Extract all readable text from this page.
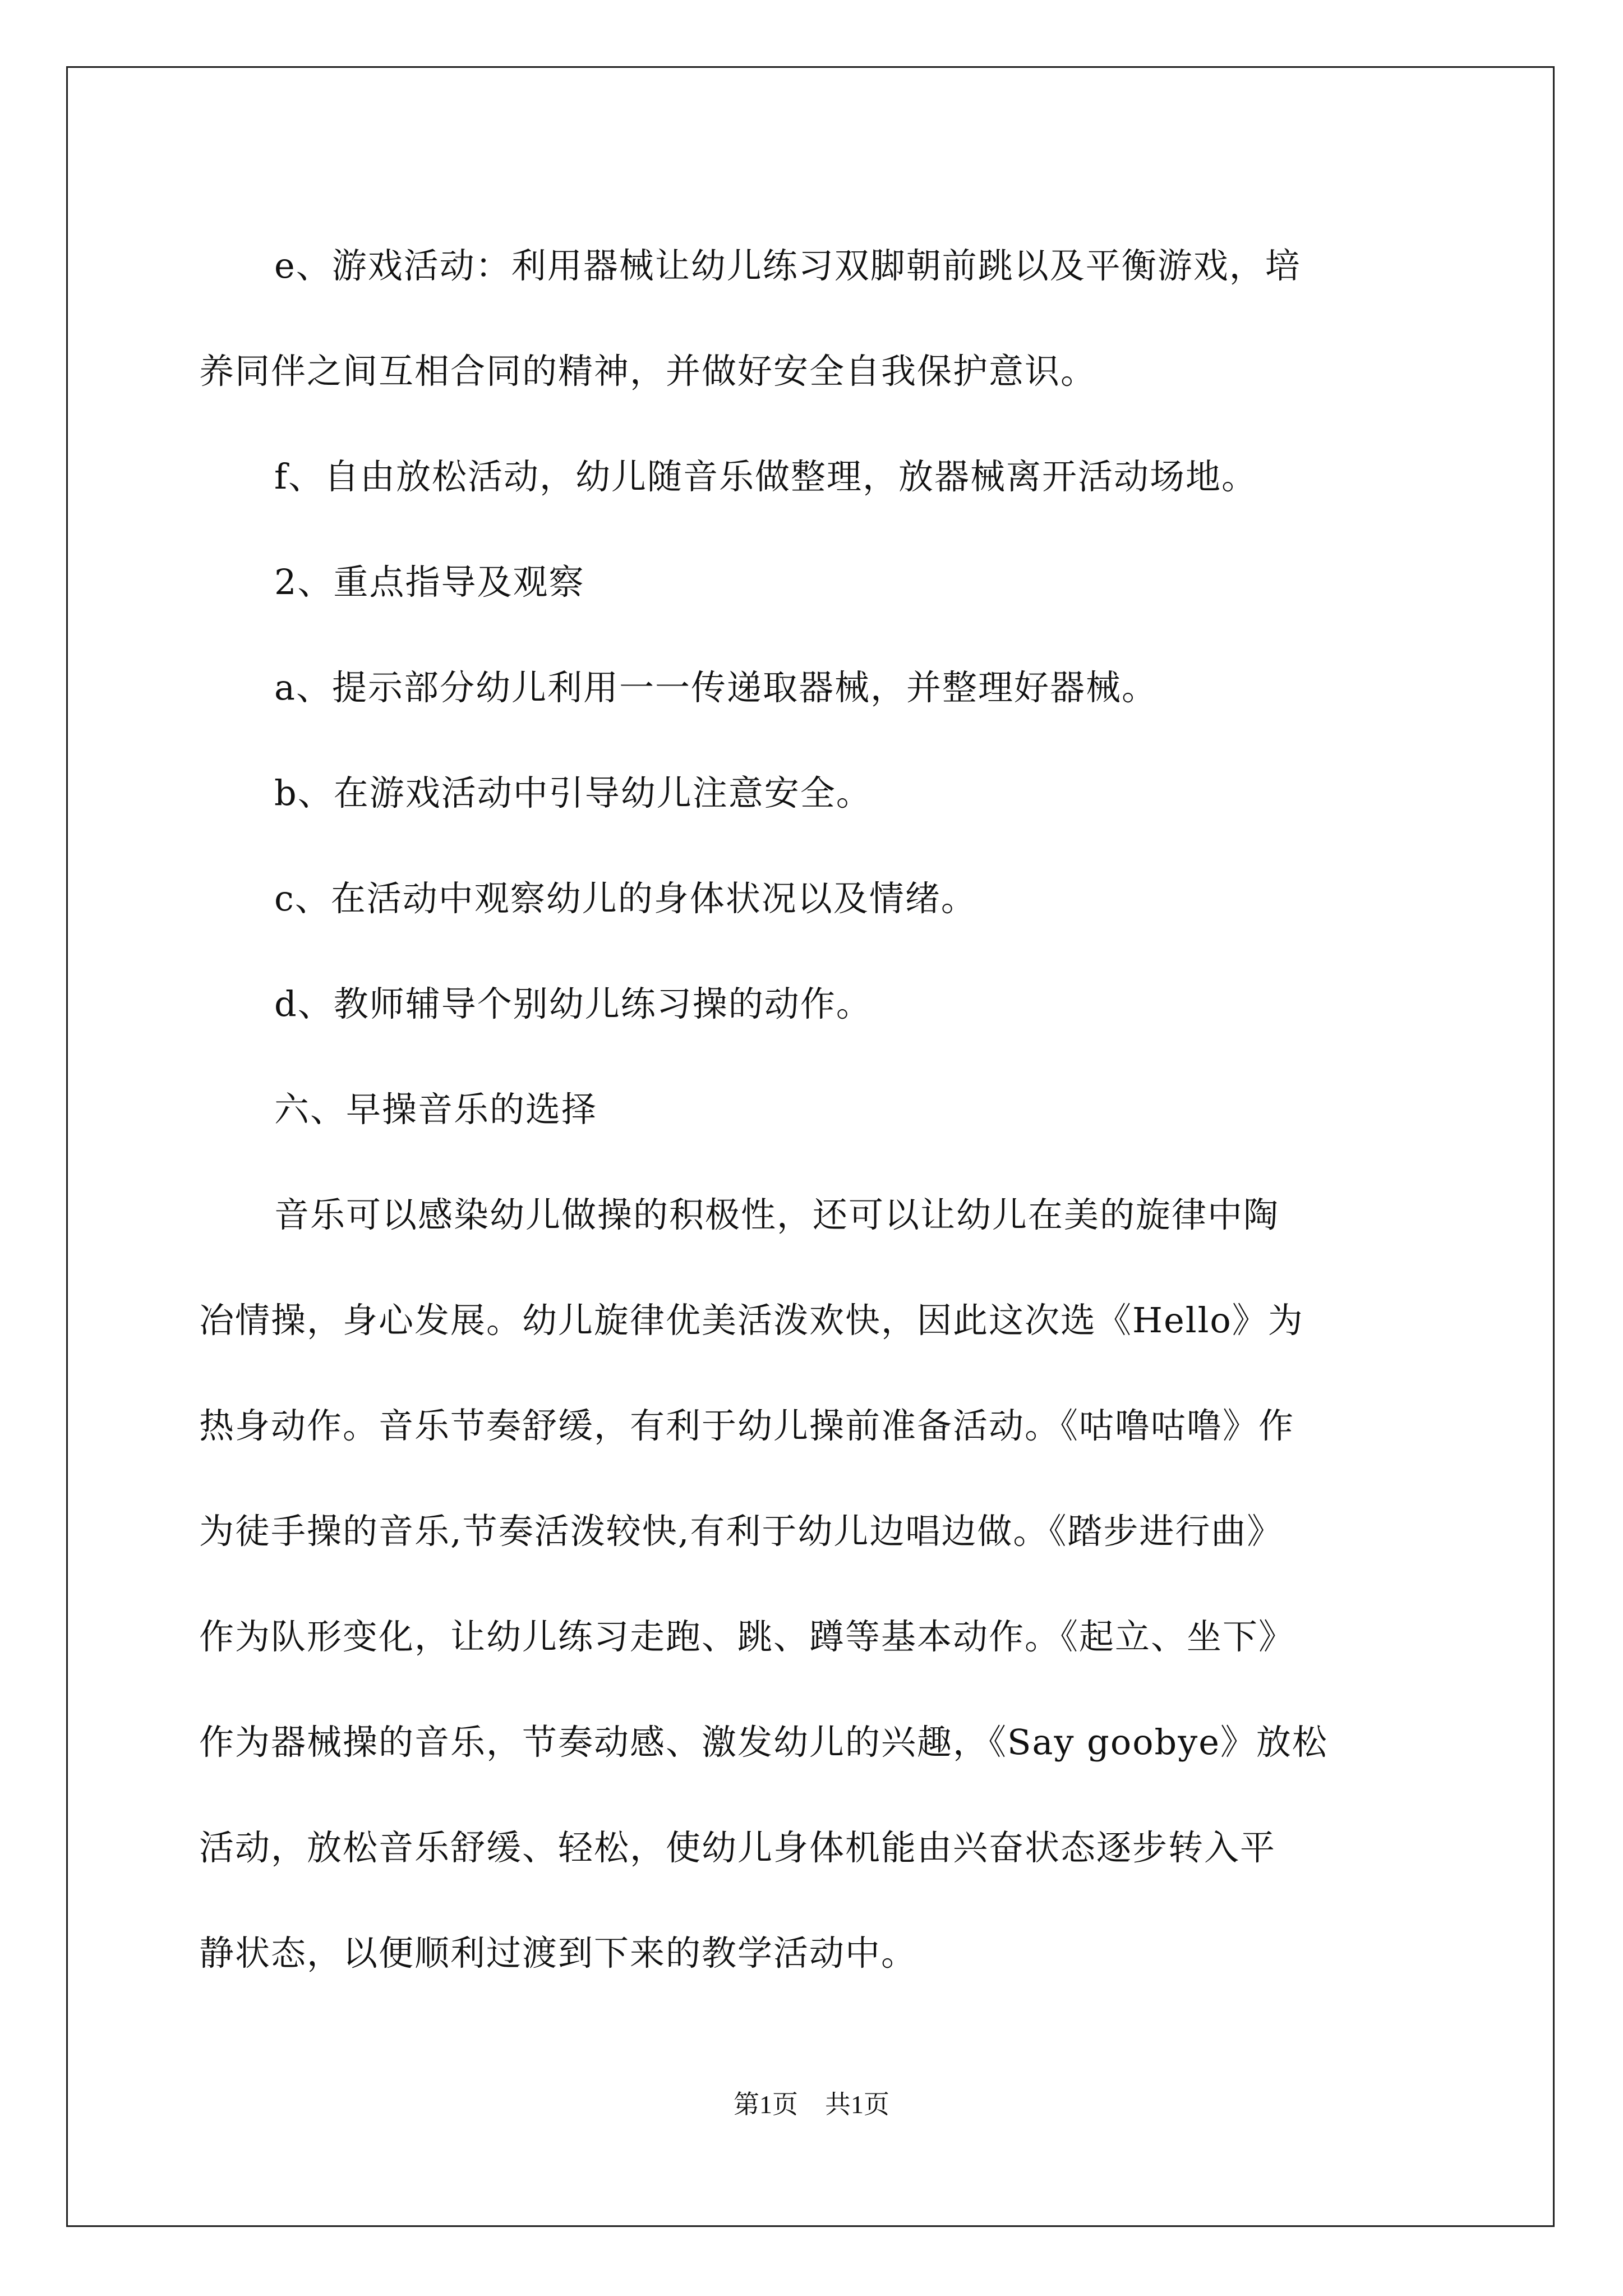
e、游戏活动：利用器械让幼儿练习双脚朝前跳以及平衡游戏，培
养同伴之间互相合同的精神，并做好安全自我保护意识。

f、自由放松活动，幼儿随音乐做整理，放器械离开活动场地。

2、重点指导及观察

a、提示部分幼儿利用一一传递取器械，并整理好器械。

b、在游戏活动中引导幼儿注意安全。

c、在活动中观察幼儿的身体状况以及情绪。

d、教师辅导个别幼儿练习操的动作。

六、早操音乐的选择

音乐可以感染幼儿做操的积极性，还可以让幼儿在美的旋律中陶

冶情操，身心发展。幼儿旋律优美活泼欢快，因此这次选《Hello》为

热身动作。音乐节奏舒缓，有利于幼儿操前准备活动。《咕噜咕噜》作

为徒手操的音乐,节奏活泼较快,有利于幼儿边唱边做。《踏步进行曲》

作为队形变化，让幼儿练习走跑、跳、蹲等基本动作。《起立、坐下》

作为器械操的音乐，节奏动感、激发幼儿的兴趣，《Say goobye》放松

活动，放松音乐舒缓、轻松，使幼儿身体机能由兴奋状态逐步转入平

静状态，以便顺利过渡到下来的教学活动中。

第1页 共1页
